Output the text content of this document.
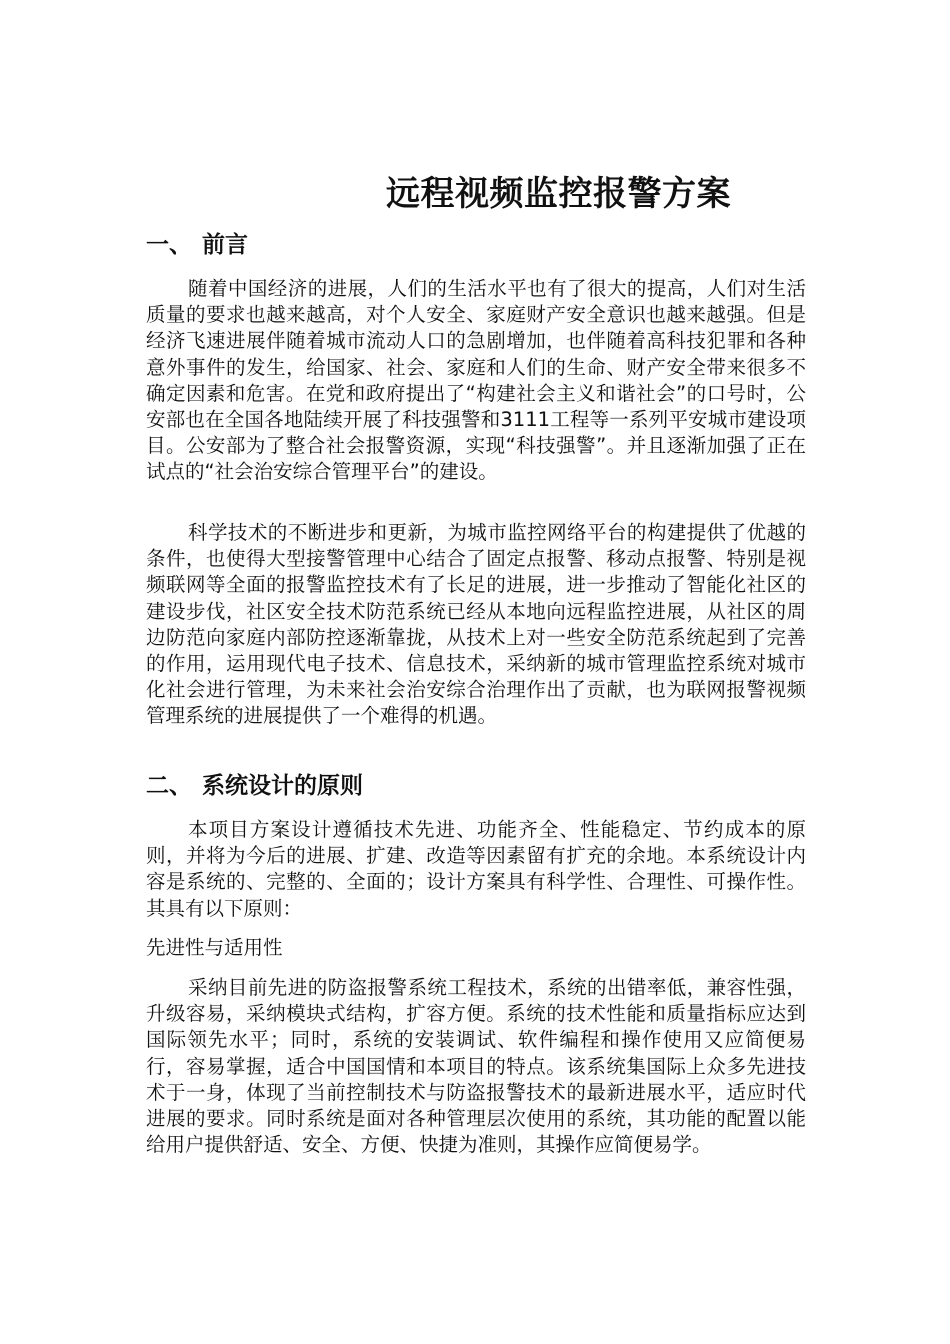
远程视频监控报警方案
一、 前言

随着中国经济的进展，人们的生活水平也有了很大的提高，人们对生活质量的要求也越来越高，对个人安全、家庭财产安全意识也越来越强。但是经济飞速进展伴随着城市流动人口的急剧增加，也伴随着高科技犯罪和各种意外事件的发生，给国家、社会、家庭和人们的生命、财产安全带来很多不确定因素和危害。在党和政府提出了“构建社会主义和谐社会”的口号时，公安部也在全国各地陆续开展了科技强警和3111工程等一系列平安城市建设项目。公安部为了整合社会报警资源，实现“科技强警”。并且逐渐加强了正在试点的“社会治安综合管理平台”的建设。

科学技术的不断进步和更新，为城市监控网络平台的构建提供了优越的条件，也使得大型接警管理中心结合了固定点报警、移动点报警、特别是视频联网等全面的报警监控技术有了长足的进展，进一步推动了智能化社区的建设步伐，社区安全技术防范系统已经从本地向远程监控进展，从社区的周边防范向家庭内部防控逐渐靠拢，从技术上对一些安全防范系统起到了完善的作用，运用现代电子技术、信息技术，采纳新的城市管理监控系统对城市化社会进行管理，为未来社会治安综合治理作出了贡献，也为联网报警视频管理系统的进展提供了一个难得的机遇。

二、 系统设计的原则

本项目方案设计遵循技术先进、功能齐全、性能稳定、节约成本的原则，并将为今后的进展、扩建、改造等因素留有扩充的余地。本系统设计内容是系统的、完整的、全面的；设计方案具有科学性、合理性、可操作性。其具有以下原则：

先进性与适用性

采纳目前先进的防盗报警系统工程技术，系统的出错率低，兼容性强，升级容易，采纳模块式结构，扩容方便。系统的技术性能和质量指标应达到国际领先水平；同时，系统的安装调试、软件编程和操作使用又应简便易行，容易掌握，适合中国国情和本项目的特点。该系统集国际上众多先进技术于一身，体现了当前控制技术与防盗报警技术的最新进展水平，适应时代进展的要求。同时系统是面对各种管理层次使用的系统，其功能的配置以能给用户提供舒适、安全、方便、快捷为准则，其操作应简便易学。
